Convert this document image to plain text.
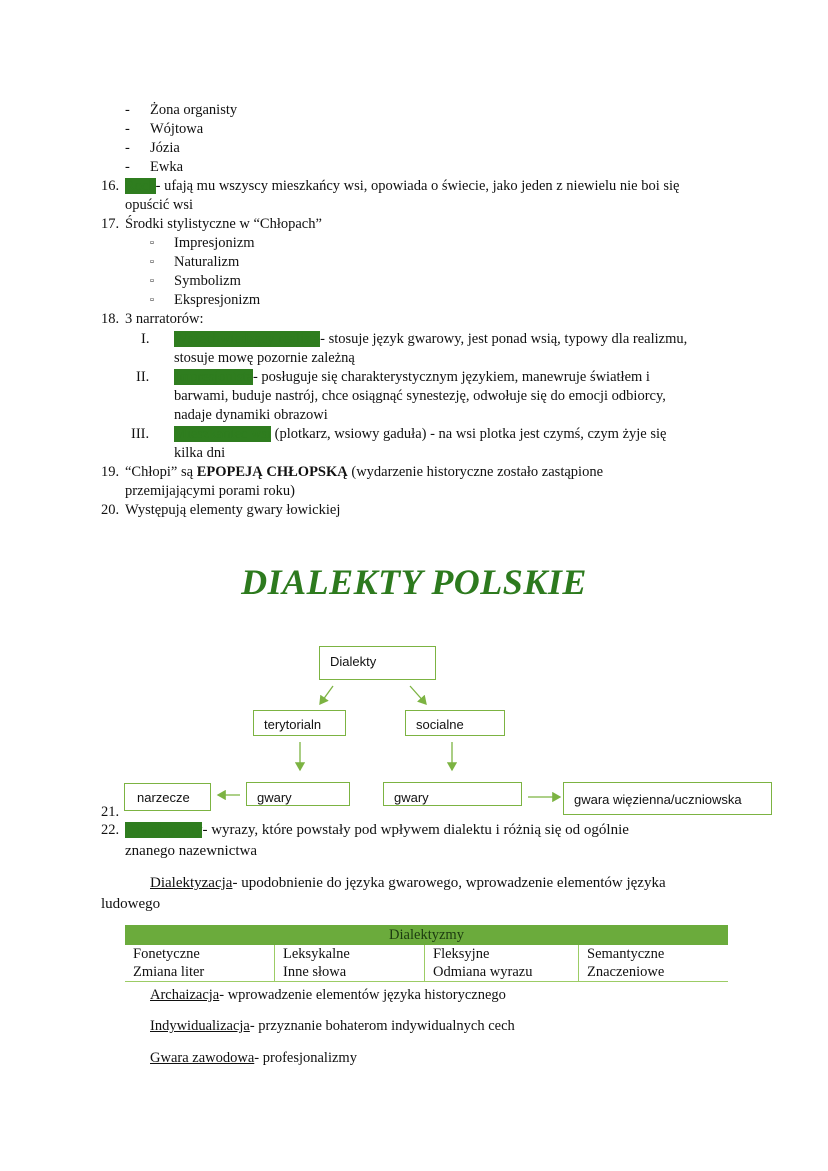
- Żona organisty
- Wójtowa
- Józia
- Ewka
16. Roch- ufają mu wszyscy mieszkańcy wsi, opowiada o świecie, jako jeden z niewielu nie boi się
opuścić wsi
17. Środki stylistyczne w “Chłopach”
▫ Impresjonizm
▫ Naturalizm
▫ Symbolizm
▫ Ekspresjonizm
18. 3 narratorów:
I. Wszechwiedzący realista- stosuje język gwarowy, jest ponad wsią, typowy dla realizmu,
stosuje mowę pozornie zależną
II. Impresjonista- posługuje się charakterystycznym językiem, manewruje światłem i
barwami, buduje nastrój, chce osiągnąć synestezję, odwołuje się do emocji odbiorcy,
nadaje dynamiki obrazowi
III. Mieszkaniec wsi (plotkarz, wsiowy gaduła) - na wsi plotka jest czymś, czym żyje się
kilka dni
19. “Chłopi” są EPOPEJĄ CHŁOPSKĄ (wydarzenie historyczne zostało zastąpione
przemijającymi porami roku)
20. Występują elementy gwary łowickiej
DIALEKTY POLSKIE
Dialekty
terytorialn	socialne
narzecze	gwary	gwary	gwara więzienna/uczniowska
21.
22. Dialektyzmy- wyrazy, które powstały pod wpływem dialektu i różnią się od ogólnie
znanego nazewnictwa
Dialektyzacja- upodobnienie do języka gwarowego, wprowadzenie elementów języka
ludowego
Dialektyzmy			
Fonetyczne	Leksykalne	Fleksyjne	Semantyczne
Zmiana liter	Inne słowa	Odmiana wyrazu	Znaczeniowe
Archaizacja- wprowadzenie elementów języka historycznego
Indywidualizacja- przyznanie bohaterom indywidualnych cech
Gwara zawodowa- profesjonalizmy
